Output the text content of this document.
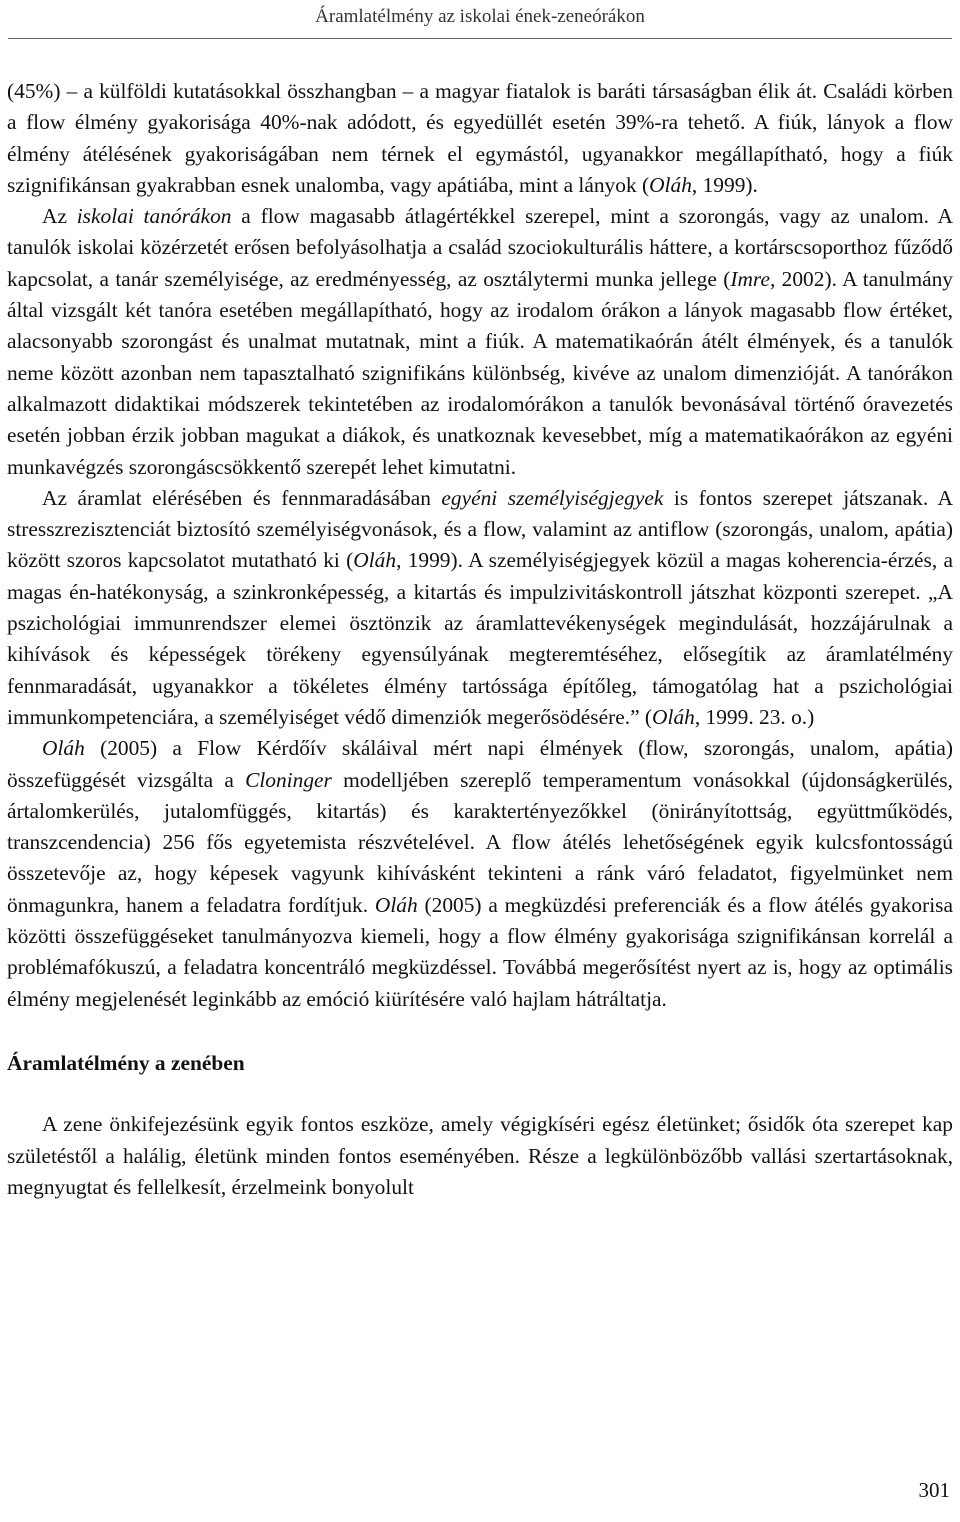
Áramlatélmény az iskolai ének-zeneórákon

(45%) – a külföldi kutatásokkal összhangban – a magyar fiatalok is baráti társaságban élik át. Családi körben a flow élmény gyakorisága 40%-nak adódott, és egyedüllét esetén 39%-ra tehető. A fiúk, lányok a flow élmény átélésének gyakoriságában nem térnek el egymástól, ugyanakkor megállapítható, hogy a fiúk szignifikánsan gyakrabban esnek unalomba, vagy apátiába, mint a lányok (Oláh, 1999).

Az iskolai tanórákon a flow magasabb átlagértékkel szerepel, mint a szorongás, vagy az unalom. A tanulók iskolai közérzetét erősen befolyásolhatja a család szociokulturális háttere, a kortárscsoporthoz fűződő kapcsolat, a tanár személyisége, az eredményesség, az osztálytermi munka jellege (Imre, 2002). A tanulmány által vizsgált két tanóra esetében megállapítható, hogy az irodalom órákon a lányok magasabb flow értéket, alacsonyabb szorongást és unalmat mutatnak, mint a fiúk. A matematikaórán átélt élmények, és a tanulók neme között azonban nem tapasztalható szignifikáns különbség, kivéve az unalom dimenzióját. A tanórákon alkalmazott didaktikai módszerek tekintetében az irodalomórákon a tanulók bevonásával történő óravezetés esetén jobban érzik jobban magukat a diákok, és unatkoznak kevesebbet, míg a matematikaórákon az egyéni munkavégzés szorongáscsökkentő szerepét lehet kimutatni.

Az áramlat elérésében és fennmaradásában egyéni személyiségjegyek is fontos szerepet játszanak. A stresszrezisztenciát biztosító személyiségvonások, és a flow, valamint az antiflow (szorongás, unalom, apátia) között szoros kapcsolatot mutatható ki (Oláh, 1999). A személyiségjegyek közül a magas koherencia-érzés, a magas én-hatékonyság, a szinkronképesség, a kitartás és impulzivitáskontroll játszhat központi szerepet. „A pszichológiai immunrendszer elemei ösztönzik az áramlattevékenységek megindulását, hozzájárulnak a kihívások és képességek törékeny egyensúlyának megteremtéséhez, elősegítik az áramlatélmény fennmaradását, ugyanakkor a tökéletes élmény tartóssága építőleg, támogatólag hat a pszichológiai immunkompetenciára, a személyiséget védő dimenziók megerősödésére.” (Oláh, 1999. 23. o.)

Oláh (2005) a Flow Kérdőív skáláival mért napi élmények (flow, szorongás, unalom, apátia) összefüggését vizsgálta a Cloninger modelljében szereplő temperamentum vonásokkal (újdonságkerülés, ártalomkerülés, jutalomfüggés, kitartás) és karaktertényezőkkel (önirányítottság, együttműködés, transzcendencia) 256 fős egyetemista részvételével. A flow átélés lehetőségének egyik kulcsfontosságú összetevője az, hogy képesek vagyunk kihívásként tekinteni a ránk váró feladatot, figyelmünket nem önmagunkra, hanem a feladatra fordítjuk. Oláh (2005) a megküzdési preferenciák és a flow átélés gyakorisa közötti összefüggéseket tanulmányozva kiemeli, hogy a flow élmény gyakorisága szignifikánsan korrelál a problémafókuszú, a feladatra koncentráló megküzdéssel. Továbbá megerősítést nyert az is, hogy az optimális élmény megjelenését leginkább az emóció kiürítésére való hajlam hátráltatja.

Áramlatélmény a zenében

A zene önkifejezésünk egyik fontos eszköze, amely végigkíséri egész életünket; ősidők óta szerepet kap születéstől a halálig, életünk minden fontos eseményében. Része a legkülönbözőbb vallási szertartásoknak, megnyugtat és fellelkesít, érzelmeink bonyolult

301
